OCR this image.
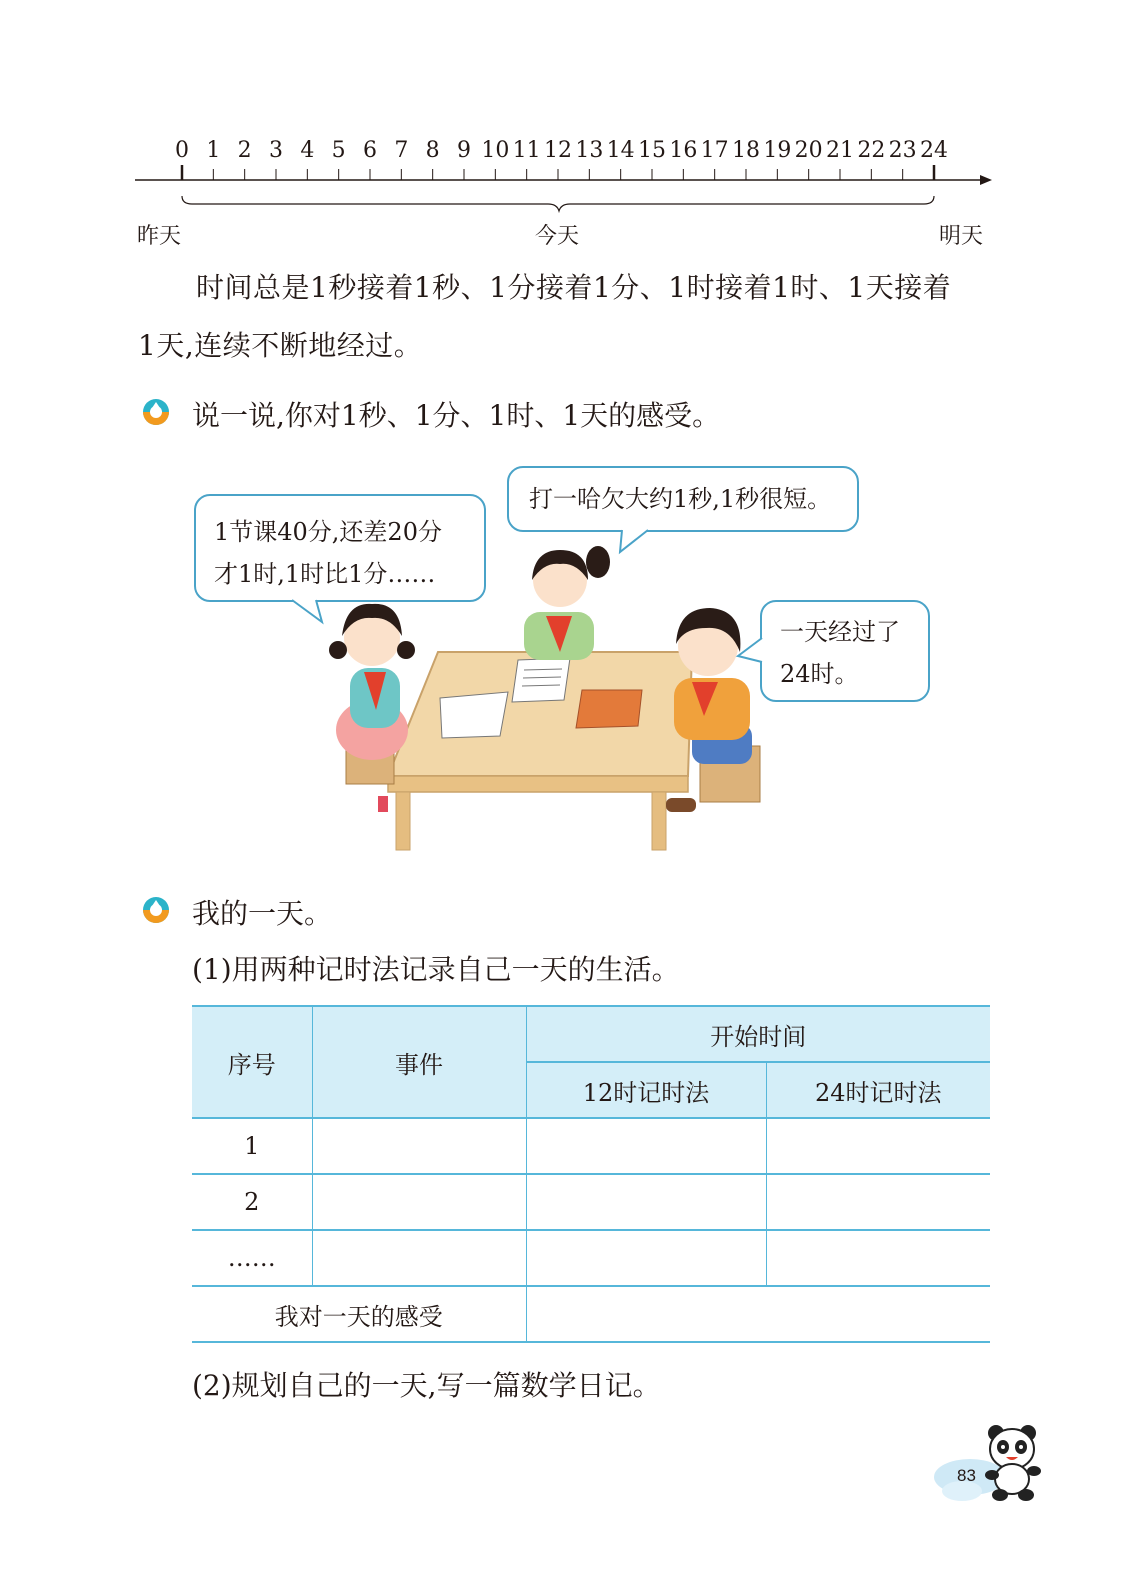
0 1 2 3 4 5 6 7 8 9 10 11 12 13 14 15 16 17 18 19 20 21 22 23 24
昨天	今天	明天
时间总是1秒接着1秒、1分接着1分、1时接着1时、1天接着
1天,连续不断地经过。
说一说,你对1秒、1分、1时、1天的感受。
1节课40分,还差20分
才1时,1时比1分……
打一哈欠大约1秒,1秒很短。
一天经过了
24时。
我的一天。
(1)用两种记时法记录自己一天的生活。
序号	事件	开始时间	
		12时记时法	24时记时法
1			
2			
……			
我对一天的感受			
(2)规划自己的一天,写一篇数学日记。
83
